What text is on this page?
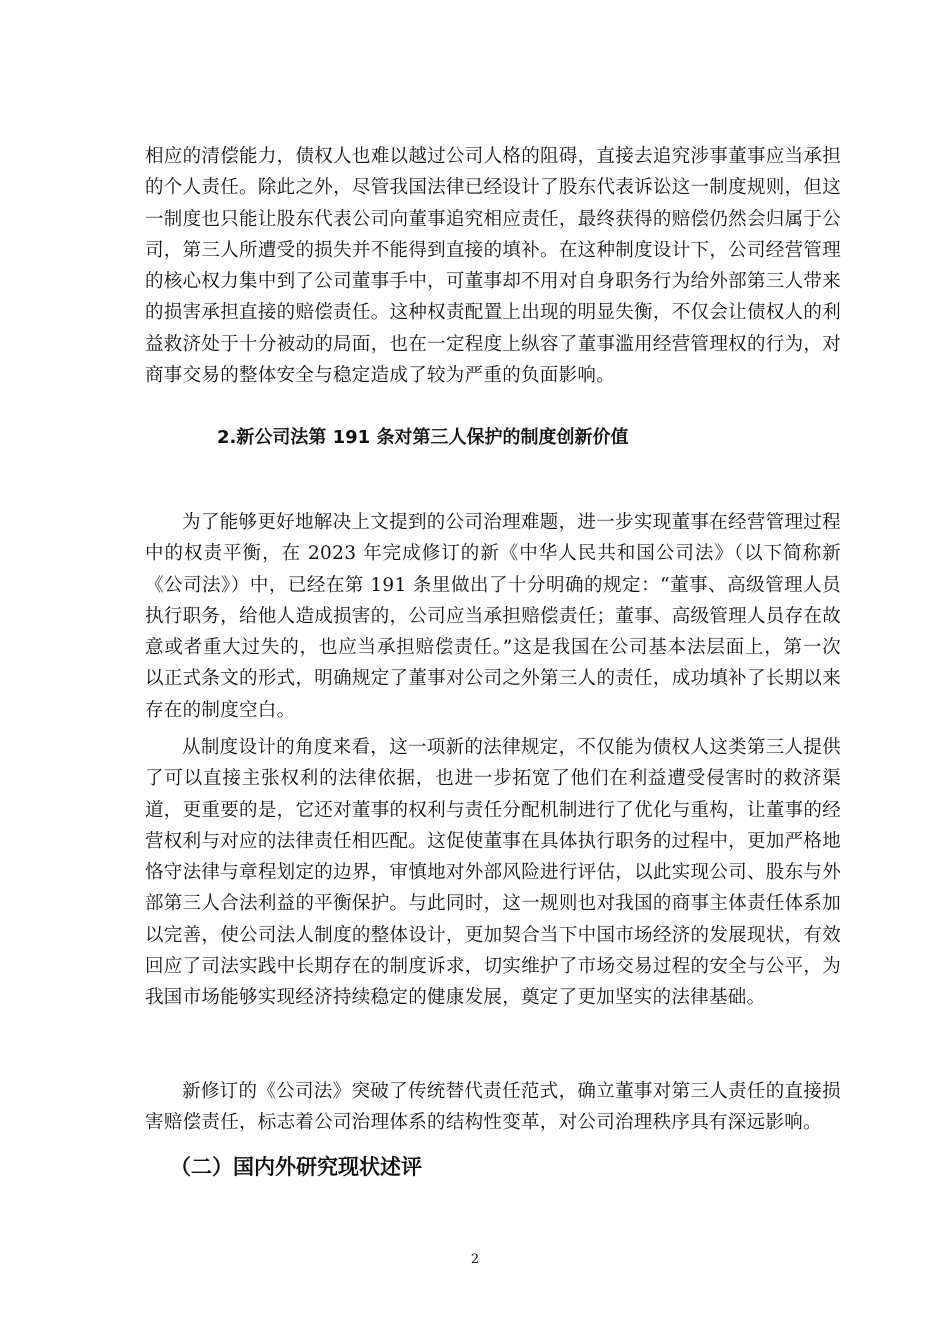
相应的清偿能力，债权人也难以越过公司人格的阻碍，直接去追究涉事董事应当承担的个人责任。除此之外，尽管我国法律已经设计了股东代表诉讼这一制度规则，但这一制度也只能让股东代表公司向董事追究相应责任，最终获得的赔偿仍然会归属于公司，第三人所遭受的损失并不能得到直接的填补。在这种制度设计下，公司经营管理的核心权力集中到了公司董事手中，可董事却不用对自身职务行为给外部第三人带来的损害承担直接的赔偿责任。这种权责配置上出现的明显失衡，不仅会让债权人的利益救济处于十分被动的局面，也在一定程度上纵容了董事滥用经营管理权的行为，对商事交易的整体安全与稳定造成了较为严重的负面影响。

2.新公司法第 191 条对第三人保护的制度创新价值

为了能够更好地解决上文提到的公司治理难题，进一步实现董事在经营管理过程中的权责平衡，在 2023 年完成修订的新《中华人民共和国公司法》（以下简称新《公司法》）中，已经在第 191 条里做出了十分明确的规定：“董事、高级管理人员执行职务，给他人造成损害的，公司应当承担赔偿责任；董事、高级管理人员存在故意或者重大过失的，也应当承担赔偿责任。”这是我国在公司基本法层面上，第一次以正式条文的形式，明确规定了董事对公司之外第三人的责任，成功填补了长期以来存在的制度空白。

从制度设计的角度来看，这一项新的法律规定，不仅能为债权人这类第三人提供了可以直接主张权利的法律依据，也进一步拓宽了他们在利益遭受侵害时的救济渠道，更重要的是，它还对董事的权利与责任分配机制进行了优化与重构，让董事的经营权利与对应的法律责任相匹配。这促使董事在具体执行职务的过程中，更加严格地恪守法律与章程划定的边界，审慎地对外部风险进行评估，以此实现公司、股东与外部第三人合法利益的平衡保护。与此同时，这一规则也对我国的商事主体责任体系加以完善，使公司法人制度的整体设计，更加契合当下中国市场经济的发展现状，有效回应了司法实践中长期存在的制度诉求，切实维护了市场交易过程的安全与公平，为我国市场能够实现经济持续稳定的健康发展，奠定了更加坚实的法律基础。

新修订的《公司法》突破了传统替代责任范式，确立董事对第三人责任的直接损害赔偿责任，标志着公司治理体系的结构性变革，对公司治理秩序具有深远影响。

（二）国内外研究现状述评
2
